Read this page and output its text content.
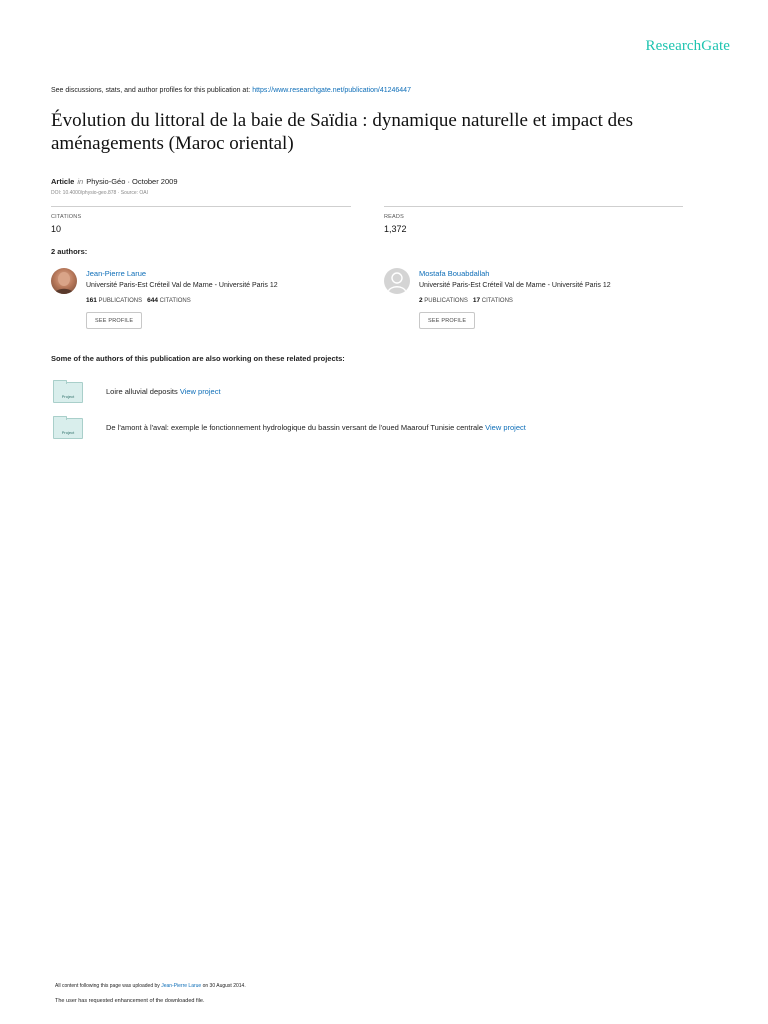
ResearchGate
See discussions, stats, and author profiles for this publication at: https://www.researchgate.net/publication/41246447
Évolution du littoral de la baie de Saïdia : dynamique naturelle et impact des aménagements (Maroc oriental)
Article in Physio-Géo · October 2009
DOI: 10.4000/physio-geo.878 · Source: OAI
CITATIONS
10
READS
1,372
2 authors:
Jean-Pierre Larue
Université Paris-Est Créteil Val de Marne - Université Paris 12
161 PUBLICATIONS 644 CITATIONS
SEE PROFILE
Mostafa Bouabdallah
Université Paris-Est Créteil Val de Marne - Université Paris 12
2 PUBLICATIONS 17 CITATIONS
SEE PROFILE
Some of the authors of this publication are also working on these related projects:
Project
Loire alluvial deposits View project
Project
De l'amont à l'aval: exemple le fonctionnement hydrologique du bassin versant de l'oued Maarouf Tunisie centrale View project
All content following this page was uploaded by Jean-Pierre Larue on 30 August 2014.
The user has requested enhancement of the downloaded file.
